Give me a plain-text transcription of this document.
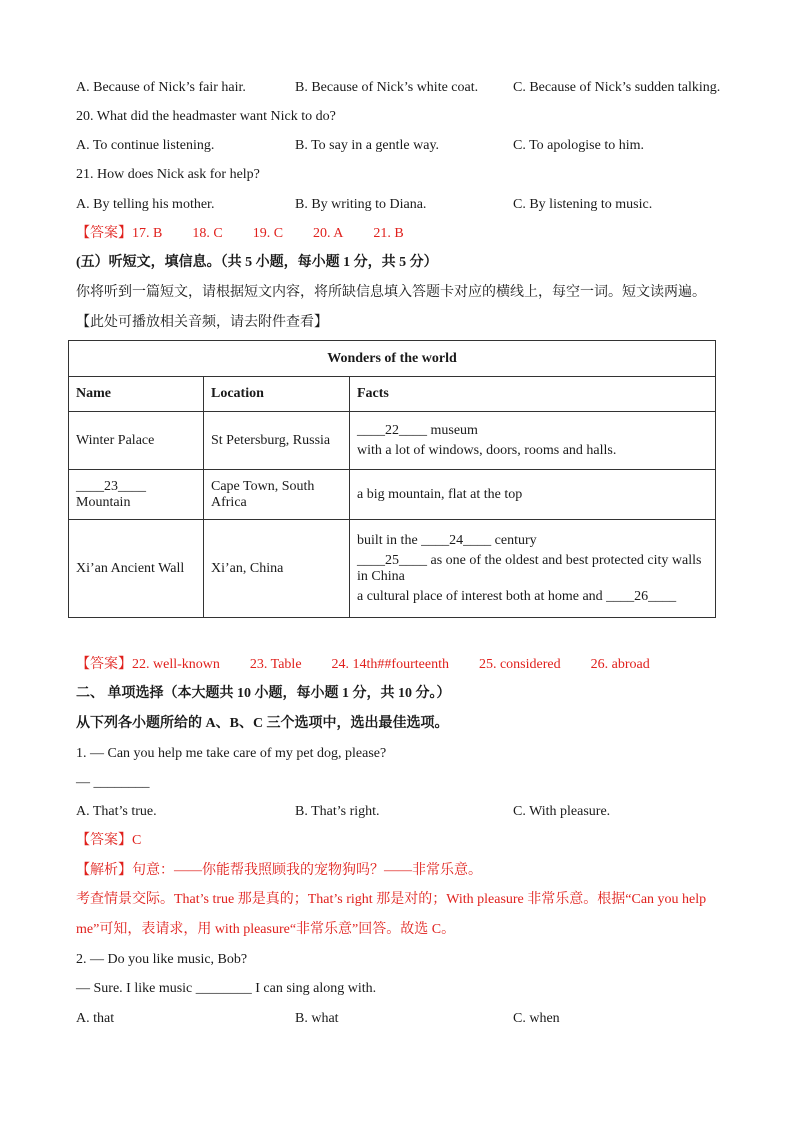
A. Because of Nick’s fair hair.	B. Because of Nick’s white coat. C. Because of Nick’s sudden talking.
20. What did the headmaster want Nick to do?
A. To continue listening.	B. To say in a gentle way.	C. To apologise to him.
21. How does Nick ask for help?
A. By telling his mother.	B. By writing to Diana.	C. By listening to music.
【答案】17. B 18. C 19. C 20. A 21. B
(五）听短文，填信息。（共 5 小题，每小题 1 分，共 5 分）
你将听到一篇短文，请根据短文内容，将所缺信息填入答题卡对应的横线上，每空一词。短文读两遍。
【此处可播放相关音频，请去附件查看】
Wonders of the world		
Name	Location	Facts
Winter Palace	St Petersburg, Russia	____22____ museum
with a lot of windows, doors, rooms and halls.

____23____ Mountain	Cape Town, South Africa	a big mountain, flat at the top

Xi’an Ancient Wall	Xi’an, China	built in the ____24____ century
____25____ as one of the oldest and best protected city walls in China
a cultural place of interest both at home and ____26____
【答案】22. well-known 23. Table 24. 14th##fourteenth 25. considered 26. abroad
二、 单项选择（本大题共 10 小题，每小题 1 分，共 10 分。）
从下列各小题所给的 A、B、C 三个选项中，选出最佳选项。
1. — Can you help me take care of my pet dog, please?
— ________
A. That’s true.	B. That’s right.	C. With pleasure.
【答案】C
【解析】句意：——你能帮我照顾我的宠物狗吗？——非常乐意。
考查情景交际。That’s true 那是真的；That’s right 那是对的；With pleasure 非常乐意。根据“Can you help
me”可知，表请求，用 with pleasure“非常乐意”回答。故选 C。
2. — Do you like music, Bob?
— Sure. I like music ________ I can sing along with.
A. that	B. what	C. when
